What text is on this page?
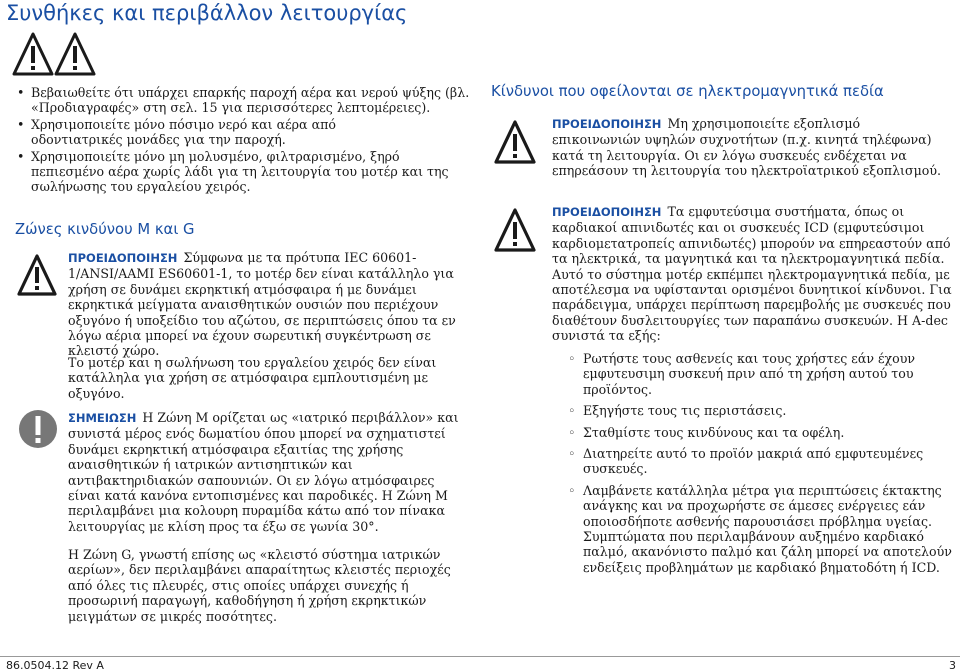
Συνθήκες και περιβάλλον λειτουργίας
• Βεβαιωθείτε ότι υπάρχει επαρκής παροχή αέρα και νερού ψύξης (βλ. «Προδιαγραφές» στη σελ. 15 για περισσότερες λεπτομέρειες).
• Χρησιμοποιείτε μόνο πόσιμο νερό και αέρα από οδοντιατρικές μονάδες για την παροχή.
• Χρησιμοποιείτε μόνο μη μολυσμένο, φιλτραρισμένο, ξηρό πεπιεσμένο αέρα χωρίς λάδι για τη λειτουργία του μοτέρ και της σωλήνωσης του εργαλείου χειρός.
Ζώνες κινδύνου M και G

ΠΡΟΕΙΔΟΠΟΙΗΣΗ Σύμφωνα με τα πρότυπα IEC 60601-1/ANSI/AAMI ES60601-1, το μοτέρ δεν είναι κατάλληλο για χρήση σε δυνάμει εκρηκτική ατμόσφαιρα ή με δυνάμει εκρηκτικά μείγματα αναισθητικών ουσιών που περιέχουν οξυγόνο ή υποξείδιο του αζώτου, σε περιπτώσεις όπου τα εν λόγω αέρια μπορεί να έχουν σωρευτική συγκέντρωση σε κλειστό χώρο.

Το μοτέρ και η σωλήνωση του εργαλείου χειρός δεν είναι κατάλληλα για χρήση σε ατμόσφαιρα εμπλουτισμένη με οξυγόνο.

ΣΗΜΕΙΩΣΗ Η Ζώνη M ορίζεται ως «ιατρικό περιβάλλον» και συνιστά μέρος ενός δωματίου όπου μπορεί να σχηματιστεί δυνάμει εκρηκτική ατμόσφαιρα εξαιτίας της χρήσης αναισθητικών ή ιατρικών αντισηπτικών και αντιβακτηριδιακών σαπουνιών. Οι εν λόγω ατμόσφαιρες είναι κατά κανόνα εντοπισμένες και παροδικές. Η Ζώνη M περιλαμβάνει μια κολουρη πυραμίδα κάτω από τον πίνακα λειτουργίας με κλίση προς τα έξω σε γωνία 30°.

Η Ζώνη G, γνωστή επίσης ως «κλειστό σύστημα ιατρικών αερίων», δεν περιλαμβάνει απαραίτητως κλειστές περιοχές από όλες τις πλευρές, στις οποίες υπάρχει συνεχής ή προσωρινή παραγωγή, καθοδήγηση ή χρήση εκρηκτικών μειγμάτων σε μικρές ποσότητες.

Κίνδυνοι που οφείλονται σε ηλεκτρομαγνητικά πεδία

ΠΡΟΕΙΔΟΠΟΙΗΣΗ Μη χρησιμοποιείτε εξοπλισμό επικοινωνιών υψηλών συχνοτήτων (π.χ. κινητά τηλέφωνα) κατά τη λειτουργία. Οι εν λόγω συσκευές ενδέχεται να επηρεάσουν τη λειτουργία του ηλεκτροϊατρικού εξοπλισμού.

ΠΡΟΕΙΔΟΠΟΙΗΣΗ Τα εμφυτεύσιμα συστήματα, όπως οι καρδιακοί απινιδωτές και οι συσκευές ICD (εμφυτεύσιμοι καρδιομετατροπείς απινιδωτές) μπορούν να επηρεαστούν από τα ηλεκτρικά, τα μαγνητικά και τα ηλεκτρομαγνητικά πεδία. Αυτό το σύστημα μοτέρ εκπέμπει ηλεκτρομαγνητικά πεδία, με αποτέλεσμα να υφίστανται ορισμένοι δυνητικοί κίνδυνοι. Για παράδειγμα, υπάρχει περίπτωση παρεμβολής με συσκευές που διαθέτουν δυσλειτουργίες των παραπάνω συσκευών. Η A-dec συνιστά τα εξής:

◦ Ρωτήστε τους ασθενείς και τους χρήστες εάν έχουν εμφυτευσιμη συσκευή πριν από τη χρήση αυτού του προϊόντος.
◦ Εξηγήστε τους τις περιστάσεις.
◦ Σταθμίστε τους κινδύνους και τα οφέλη.
◦ Διατηρείτε αυτό το προϊόν μακριά από εμφυτευμένες συσκευές.
◦ Λαμβάνετε κατάλληλα μέτρα για περιπτώσεις έκτακτης ανάγκης και να προχωρήστε σε άμεσες ενέργειες εάν οποιοσδήποτε ασθενής παρουσιάσει πρόβλημα υγείας. Συμπτώματα που περιλαμβάνουν αυξημένο καρδιακό παλμό, ακανόνιστο παλμό και ζάλη μπορεί να αποτελούν ενδείξεις προβλημάτων με καρδιακό βηματοδότη ή ICD.
86.0504.12 Rev A	3
